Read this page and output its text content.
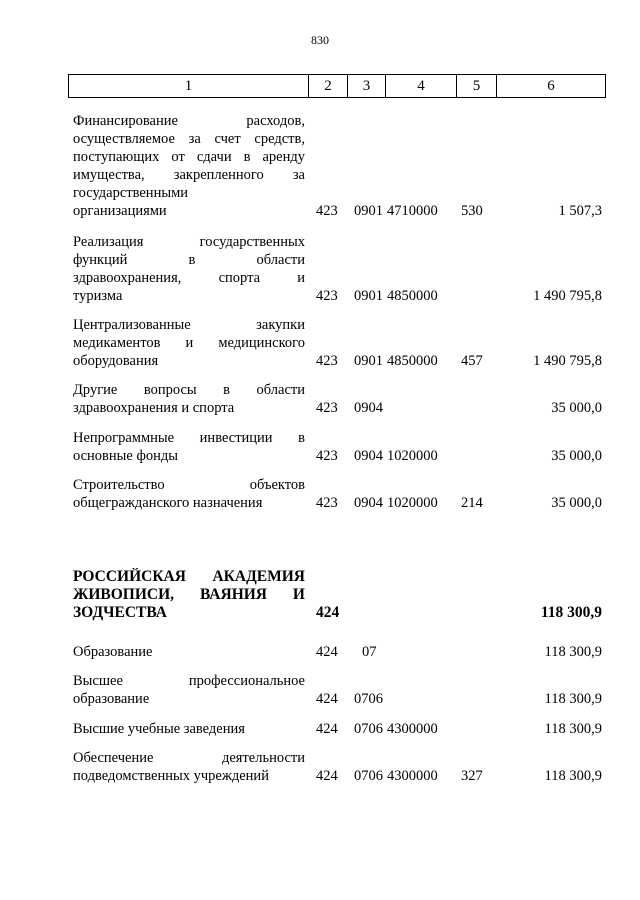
830
1	2	3	4	5	6
Финансирование расходов,
осуществляемое за счет средств,
поступающих от сдачи в аренду
имущества, закрепленного за
государственными
организациями	423 0901 4710000 530	1 507,3
Реализация государственных
функций в области
здравоохранения, спорта и
туризма	423 0901 4850000	1 490 795,8
Централизованные закупки
медикаментов и медицинского
оборудования	423 0901 4850000 457	1 490 795,8
Другие вопросы в области
здравоохранения и спорта	423 0904	35 000,0
Непрограммные инвестиции в
основные фонды	423 0904 1020000	35 000,0
Строительство объектов
общегражданского назначения	423 0904 1020000 214	35 000,0
РОССИЙСКАЯ АКАДЕМИЯ
ЖИВОПИСИ, ВАЯНИЯ И
ЗОДЧЕСТВА	424	118 300,9
Образование	424 07	118 300,9
Высшее профессиональное
образование	424 0706	118 300,9
Высшие учебные заведения	424 0706 4300000	118 300,9
Обеспечение деятельности
подведомственных учреждений	424 0706 4300000 327	118 300,9
